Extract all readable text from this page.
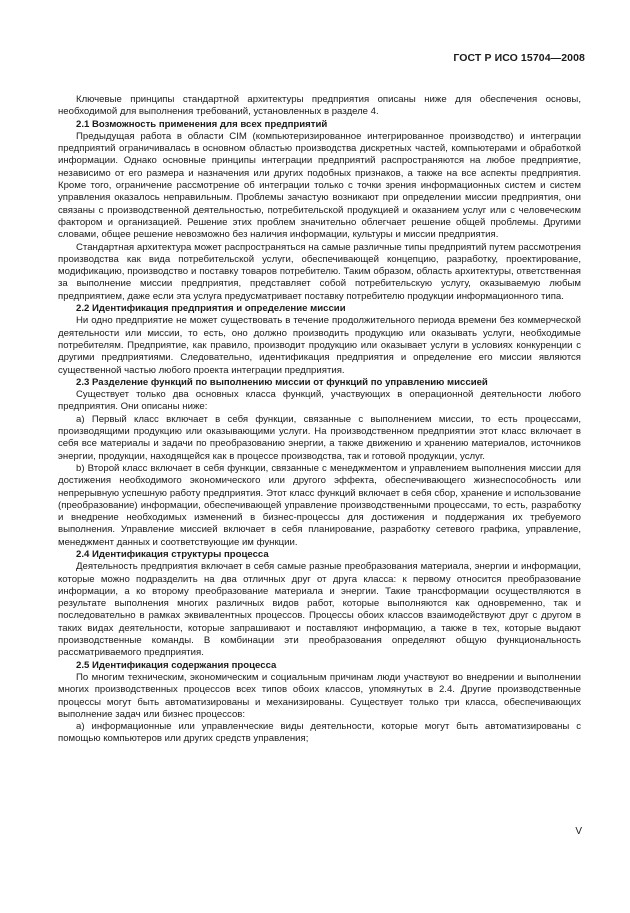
ГОСТ Р ИСО 15704—2008

Ключевые принципы стандартной архитектуры предприятия описаны ниже для обеспечения основы, необходимой для выполнения требований, установленных в разделе 4.

2.1 Возможность применения для всех предприятий

Предыдущая работа в области CIM (компьютеризированное интегрированное производство) и интеграции предприятий ограничивалась в основном областью производства дискретных частей, компьютерами и обработкой информации. Однако основные принципы интеграции предприятий распространяются на любое предприятие, независимо от его размера и назначения или других подобных признаков, а также на все аспекты предприятия. Кроме того, ограничение рассмотрение об интеграции только с точки зрения информационных систем и систем управления оказалось неправильным. Проблемы зачастую возникают при определении миссии предприятия, они связаны с производственной деятельностью, потребительской продукцией и оказанием услуг или с человеческим фактором и организацией. Решение этих проблем значительно облегчает решение общей проблемы. Другими словами, общее решение невозможно без наличия информации, культуры и миссии предприятия.

Стандартная архитектура может распространяться на самые различные типы предприятий путем рассмотрения производства как вида потребительской услуги, обеспечивающей концепцию, разработку, проектирование, модификацию, производство и поставку товаров потребителю. Таким образом, область архитектуры, ответственная за выполнение миссии предприятия, представляет собой потребительскую услугу, оказываемую любым предприятием, даже если эта услуга предусматривает поставку потребителю продукции информационного типа.

2.2 Идентификация предприятия и определение миссии

Ни одно предприятие не может существовать в течение продолжительного периода времени без коммерческой деятельности или миссии, то есть, оно должно производить продукцию или оказывать услуги, необходимые потребителям. Предприятие, как правило, производит продукцию или оказывает услуги в условиях конкуренции с другими предприятиями. Следовательно, идентификация предприятия и определение его миссии являются существенной частью любого проекта интеграции предприятия.

2.3 Разделение функций по выполнению миссии от функций по управлению миссией

Существует только два основных класса функций, участвующих в операционной деятельности любого предприятия. Они описаны ниже:

а) Первый класс включает в себя функции, связанные с выполнением миссии, то есть процессами, производящими продукцию или оказывающими услуги. На производственном предприятии этот класс включает в себя все материалы и задачи по преобразованию энергии, а также движению и хранению материалов, источников энергии, продукции, находящейся как в процессе производства, так и готовой продукции, услуг.

b) Второй класс включает в себя функции, связанные с менеджментом и управлением выполнения миссии для достижения необходимого экономического или другого эффекта, обеспечивающего жизнеспособность или непрерывную успешную работу предприятия. Этот класс функций включает в себя сбор, хранение и использование (преобразование) информации, обеспечивающей управление производственными процессами, то есть, разработку и внедрение необходимых изменений в бизнес-процессы для достижения и поддержания их требуемого выполнения. Управление миссией включает в себя планирование, разработку сетевого графика, управление, менеджмент данных и соответствующие им функции.

2.4 Идентификация структуры процесса

Деятельность предприятия включает в себя самые разные преобразования материала, энергии и информации, которые можно подразделить на два отличных друг от друга класса: к первому относится преобразование информации, а ко второму преобразование материала и энергии. Такие трансформации осуществляются в результате выполнения многих различных видов работ, которые выполняются как одновременно, так и последовательно в рамках эквивалентных процессов. Процессы обоих классов взаимодействуют друг с другом в таких видах деятельности, которые запрашивают и поставляют информацию, а также в тех, которые выдают производственные команды. В комбинации эти преобразования определяют общую функциональность рассматриваемого предприятия.

2.5 Идентификация содержания процесса

По многим техническим, экономическим и социальным причинам люди участвуют во внедрении и выполнении многих производственных процессов всех типов обоих классов, упомянутых в 2.4. Другие производственные процессы могут быть автоматизированы и механизированы. Существует только три класса, обеспечивающих выполнение задач или бизнес процессов:

а) информационные или управленческие виды деятельности, которые могут быть автоматизированы с помощью компьютеров или других средств управления;

V
